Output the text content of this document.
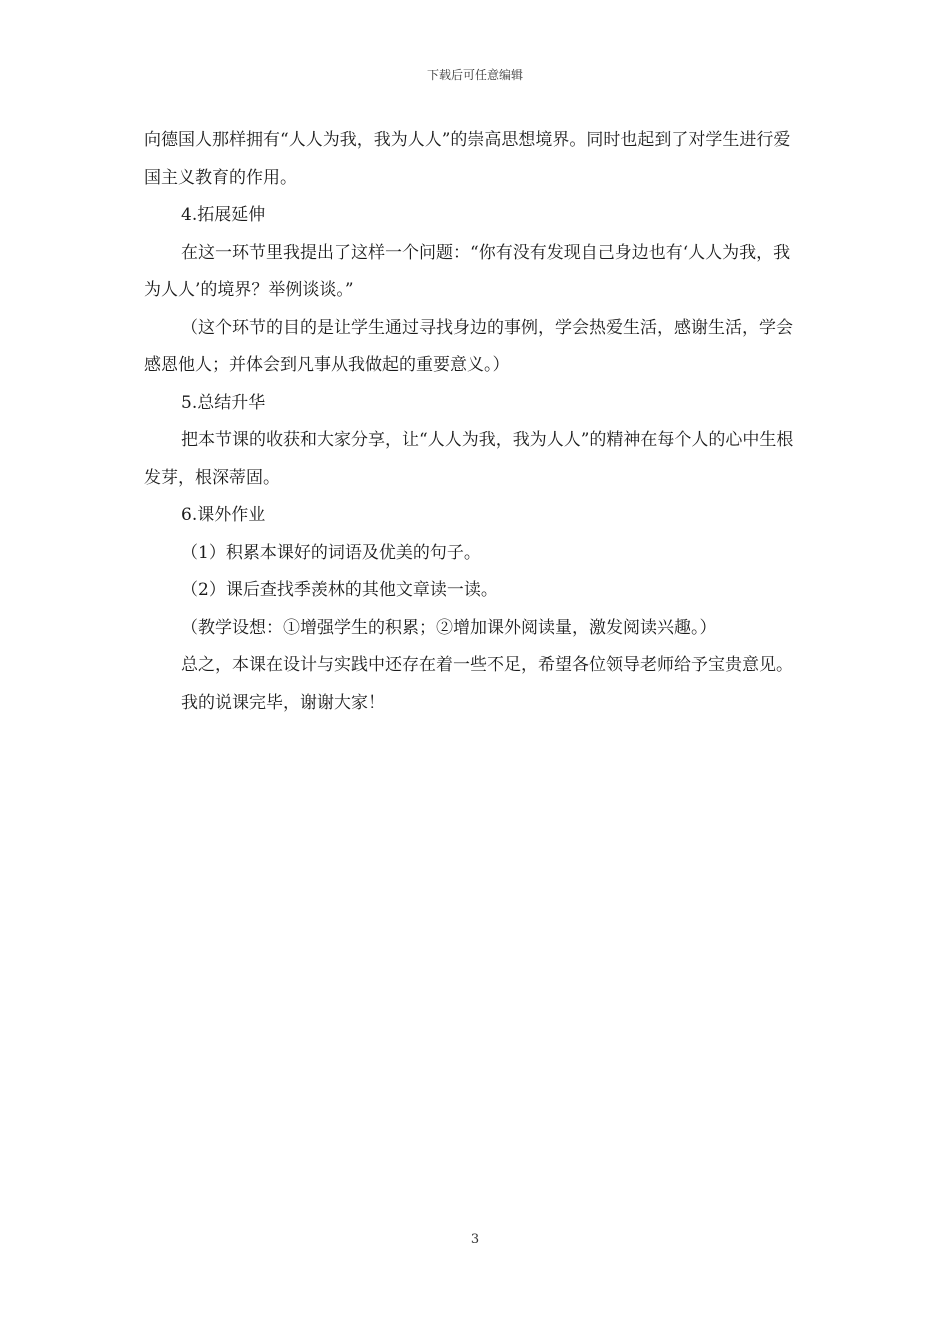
下载后可任意编辑

向德国人那样拥有“人人为我，我为人人”的崇高思想境界。同时也起到了对学生进行爱国主义教育的作用。

4.拓展延伸

在这一环节里我提出了这样一个问题：“你有没有发现自己身边也有‘人人为我，我为人人’的境界？举例谈谈。”

（这个环节的目的是让学生通过寻找身边的事例，学会热爱生活，感谢生活，学会感恩他人；并体会到凡事从我做起的重要意义。）

5.总结升华

把本节课的收获和大家分享，让“人人为我，我为人人”的精神在每个人的心中生根发芽，根深蒂固。

6.课外作业

（1）积累本课好的词语及优美的句子。

（2）课后查找季羡林的其他文章读一读。

（教学设想：①增强学生的积累；②增加课外阅读量，激发阅读兴趣。）

总之，本课在设计与实践中还存在着一些不足，希望各位领导老师给予宝贵意见。

我的说课完毕，谢谢大家！

3
